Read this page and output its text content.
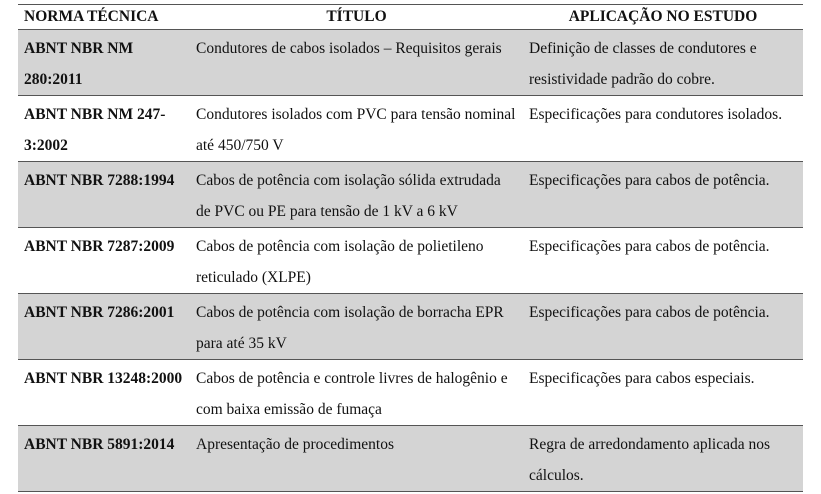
NORMA TÉCNICA	TÍTULO	APLICAÇÃO NO ESTUDO
ABNT NBR NM 280:2011	Condutores de cabos isolados – Requisitos gerais	Definição de classes de condutores e resistividade padrão do cobre.
ABNT NBR NM 247-3:2002	Condutores isolados com PVC para tensão nominal até 450/750 V	Especificações para condutores isolados.
ABNT NBR 7288:1994	Cabos de potência com isolação sólida extrudada de PVC ou PE para tensão de 1 kV a 6 kV	Especificações para cabos de potência.
ABNT NBR 7287:2009	Cabos de potência com isolação de polietileno reticulado (XLPE)	Especificações para cabos de potência.
ABNT NBR 7286:2001	Cabos de potência com isolação de borracha EPR para até 35 kV	Especificações para cabos de potência.
ABNT NBR 13248:2000	Cabos de potência e controle livres de halogênio e com baixa emissão de fumaça	Especificações para cabos especiais.
ABNT NBR 5891:2014	Apresentação de procedimentos	Regra de arredondamento aplicada nos cálculos.
